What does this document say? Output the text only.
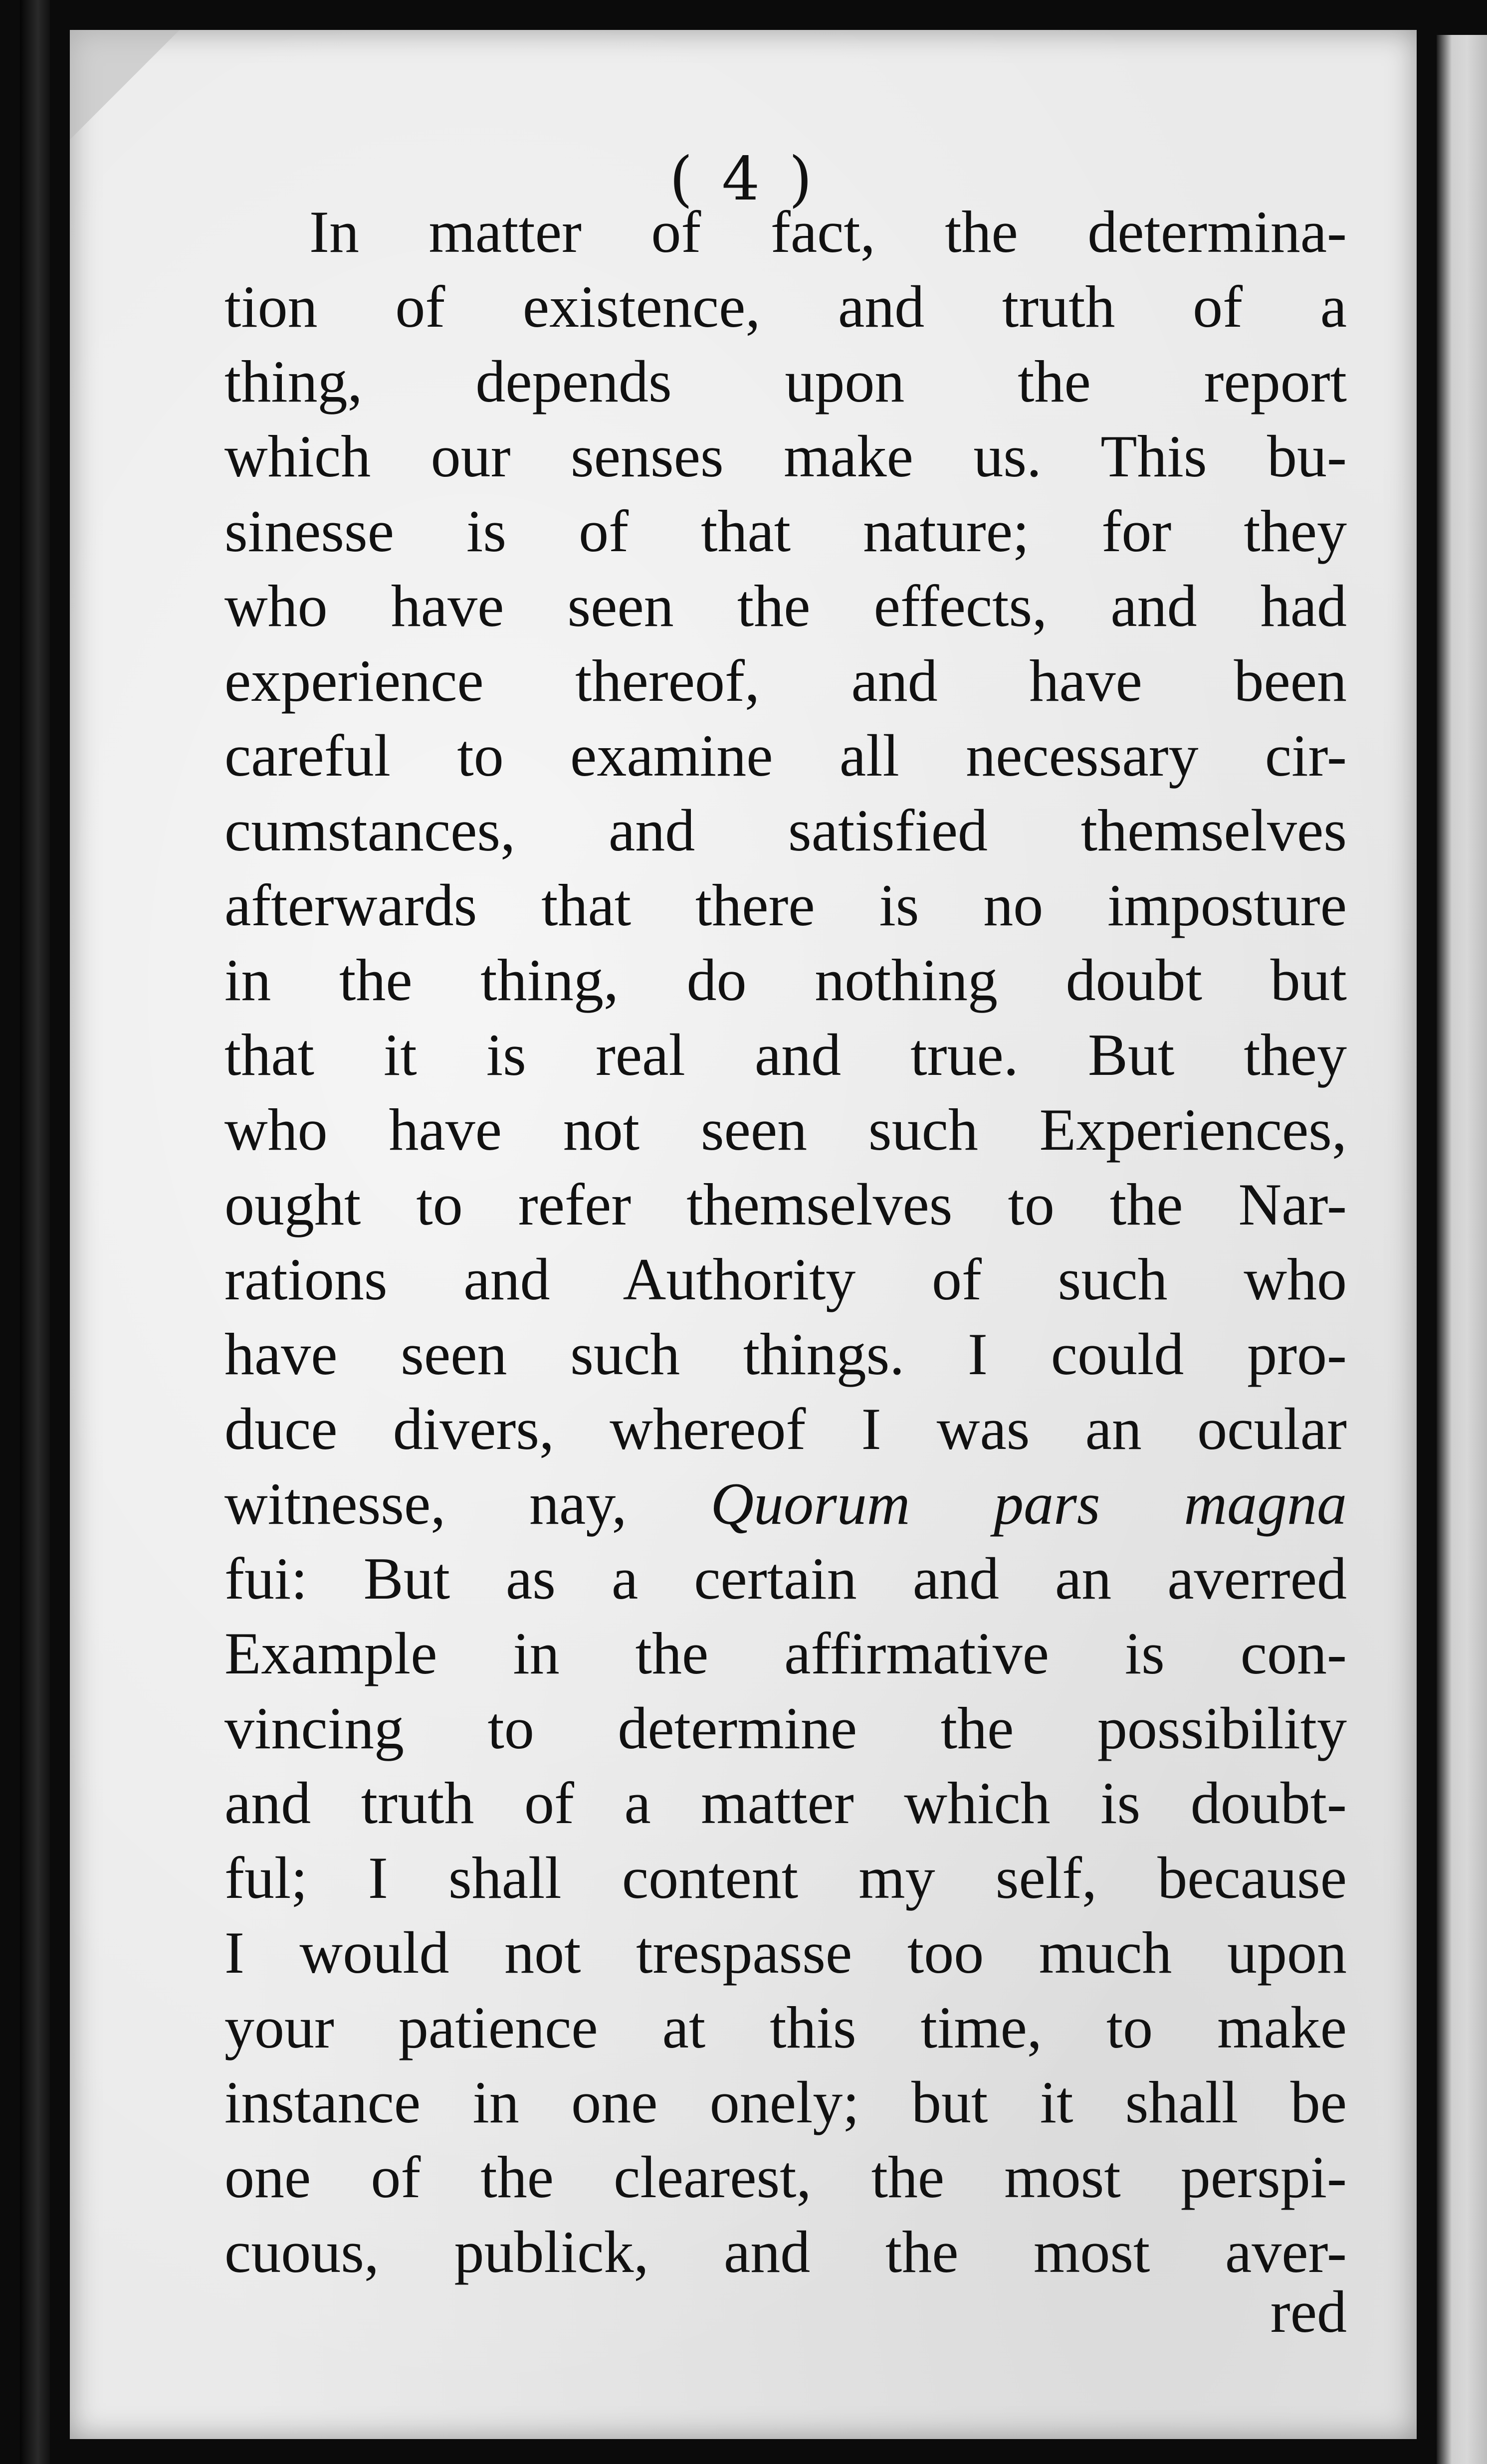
( 4 )
In matter of fact, the determina-
tion of existence, and truth of a
thing, depends upon the report
which our senses make us. This bu-
sinesse is of that nature; for they
who have seen the effects, and had
experience thereof, and have been
careful to examine all necessary cir-
cumstances, and satisfied themselves
afterwards that there is no imposture
in the thing, do nothing doubt but
that it is real and true. But they
who have not seen such Experiences,
ought to refer themselves to the Nar-
rations and Authority of such who
have seen such things. I could pro-
duce divers, whereof I was an ocular
witnesse, nay, Quorum pars magna
fui: But as a certain and an averred
Example in the affirmative is con-
vincing to determine the possibility
and truth of a matter which is doubt-
ful; I shall content my self, because
I would not trespasse too much upon
your patience at this time, to make
instance in one onely; but it shall be
one of the clearest, the most perspi-
cuous, publick, and the most aver-
red
